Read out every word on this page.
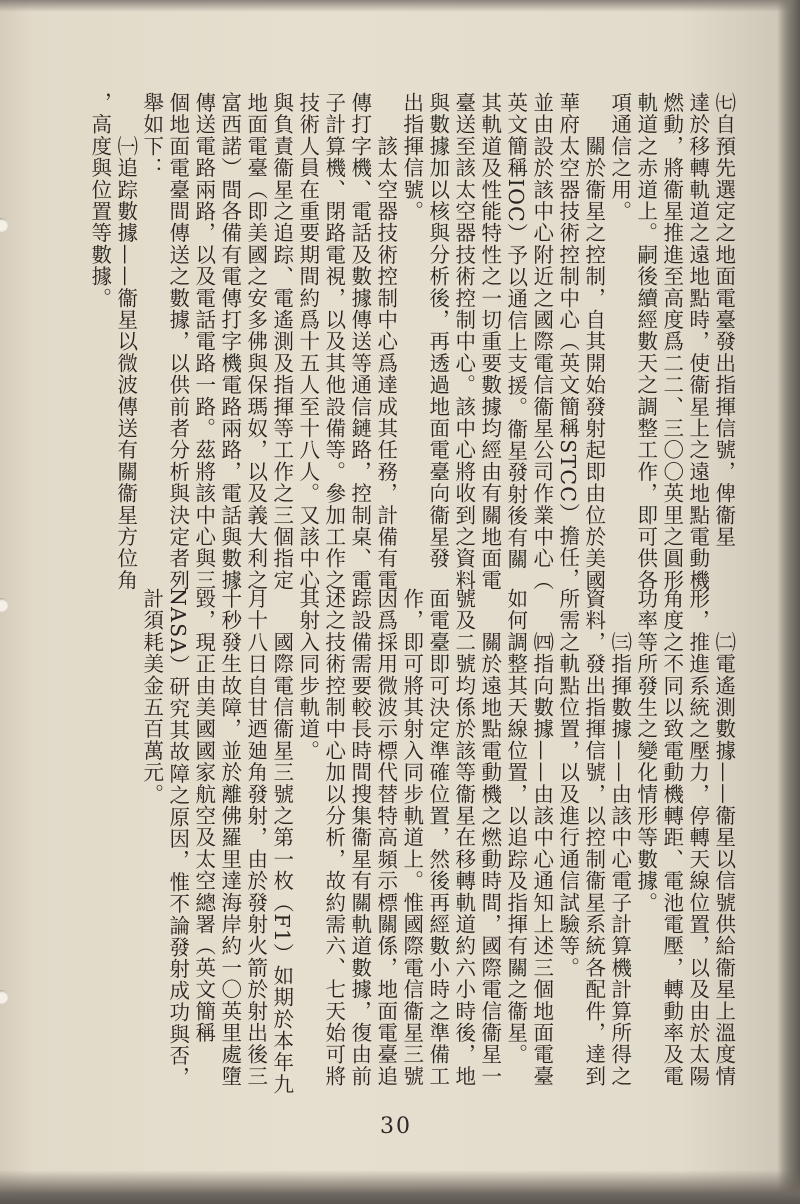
㈦自預先選定之地面電臺發出指揮信號，俾衞星
達於移轉軌道之遠地點時，使衞星上之遠地點電動機
燃動，將衞星推進至高度爲二二、三〇〇英里之圓形
軌道之赤道上。嗣後續經數天之調整工作，即可供各
項通信之用。
　　關於衞星之控制，自其開始發射起即由位於美國
華府太空器技術控制中心（英文簡稱STCC）擔任，
並由設於該中心附近之國際電信衞星公司作業中心（
英文簡稱IOC）予以通信上支援。衞星發射後有關
其軌道及性能特性之一切重要數據均經由有關地面電
臺送至該太空器技術控制中心。該中心將收到之資料
與數據加以核與分析後，再透過地面電臺向衞星發
出指揮信號。
　　該太空器技術控制中心爲達成其任務，計備有電
傳打字機、電話及數據傳送等通信鏈路，控制桌、電
子計算機、閉路電視，以及其他設備等。參加工作之
技術人員在重要期間約爲十五人至十八人。又該中心
與負責衞星之追踪、電遙測及指揮等工作之三個指定
地面電臺（即美國之安多佛與保瑪奴，以及義大利之
富西諾）間各備有電傳打字機電路兩路，電話與數據
傳送電路兩路，以及電話電路一路。茲將該中心與三
個地面電臺間傳送之數據，以供前者分析與決定者列
舉如下：
　　㈠追踪數據——衞星以微波傳送有關衞星方位角
，高度與位置等數據。
　　㈡電遙測數據——衞星以信號供給衞星上溫度情
形，推進系統之壓力，停轉天線位置，以及由於太陽
角度之不同以致電動機轉距、電池電壓，轉動率及電
功率等所發生之變化情形等數據。
　　㈢指揮數據——由該中心電子計算機計算所得之
資料，發出指揮信號，以控制衞星系統各配件，達到
所需之軌點位置，以及進行通信試驗等。
　　㈣指向數據——由該中心通知上述三個地面電臺
如何調整其天線位置，以追踪及指揮有關之衞星。
　　關於遠地點電動機之燃動時間，國際電信衞星一
號及二號均係於該等衞星在移轉軌道約六小時後，地
面電臺即可決定準確位置，然後再經數小時之準備工
作，即可將其射入同步軌道上。惟國際電信衞星三號
因爲採用微波示標代替特高頻示標關係，地面電臺追
踪設備需要較長時間搜集衞星有關軌道數據，復由前
述之技術控制中心加以分析，故約需六、七天始可將
其射入同步軌道。
　　國際電信衞星三號之第一枚（F1）如期於本年九
月十八日自甘迺廸角發射，由於發射火箭於射出後三
十秒發生故障，並於離佛羅里達海岸約一〇英里處墮
毀，現正由美國國家航空及太空總署（英文簡稱
NASA）研究其故障之原因，惟不論發射成功與否，
計須耗美金五百萬元。
30
